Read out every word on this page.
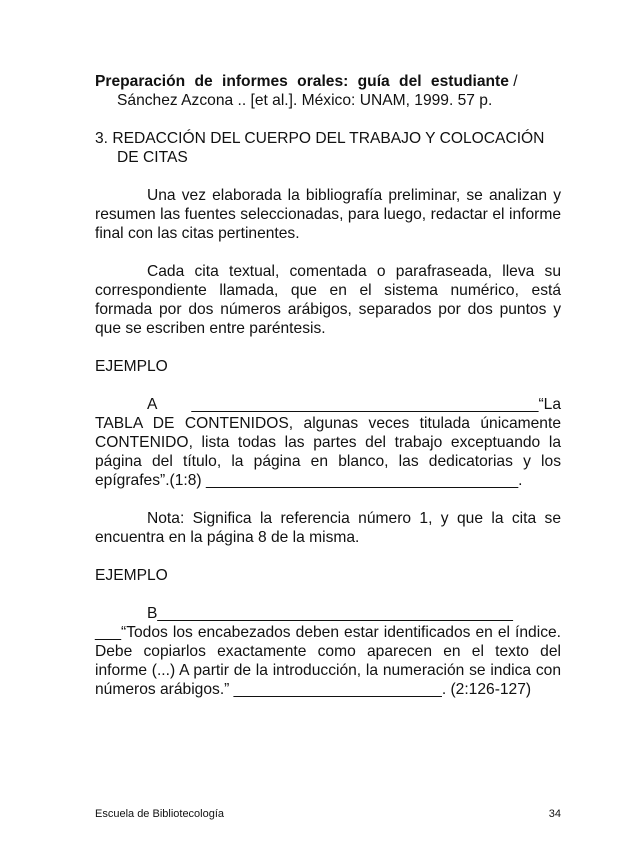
Preparación de informes orales: guía del estudiante / Sánchez Azcona .. [et al.]. México: UNAM, 1999. 57 p.

3. REDACCIÓN DEL CUERPO DEL TRABAJO Y COLOCACIÓN DE CITAS

Una vez elaborada la bibliografía preliminar, se analizan y resumen las fuentes seleccionadas, para luego, redactar el informe final con las citas pertinentes.

Cada cita textual, comentada o parafraseada, lleva su correspondiente llamada, que en el sistema numérico, está formada por dos números arábigos, separados por dos puntos y que se escriben entre paréntesis.

EJEMPLO

A ________________________________________“La TABLA DE CONTENIDOS, algunas veces titulada únicamente CONTENIDO, lista todas las partes del trabajo exceptuando la página del título, la página en blanco, las dedicatorias y los epígrafes”.(1:8) ____________________________________.

Nota: Significa la referencia número 1, y que la cita se encuentra en la página 8 de la misma.

EJEMPLO

B_________________________________________ ___“Todos los encabezados deben estar identificados en el índice. Debe copiarlos exactamente como aparecen en el texto del informe (...) A partir de la introducción, la numeración se indica con números arábigos.” ________________________. (2:126-127)

Escuela de Bibliotecología	34
